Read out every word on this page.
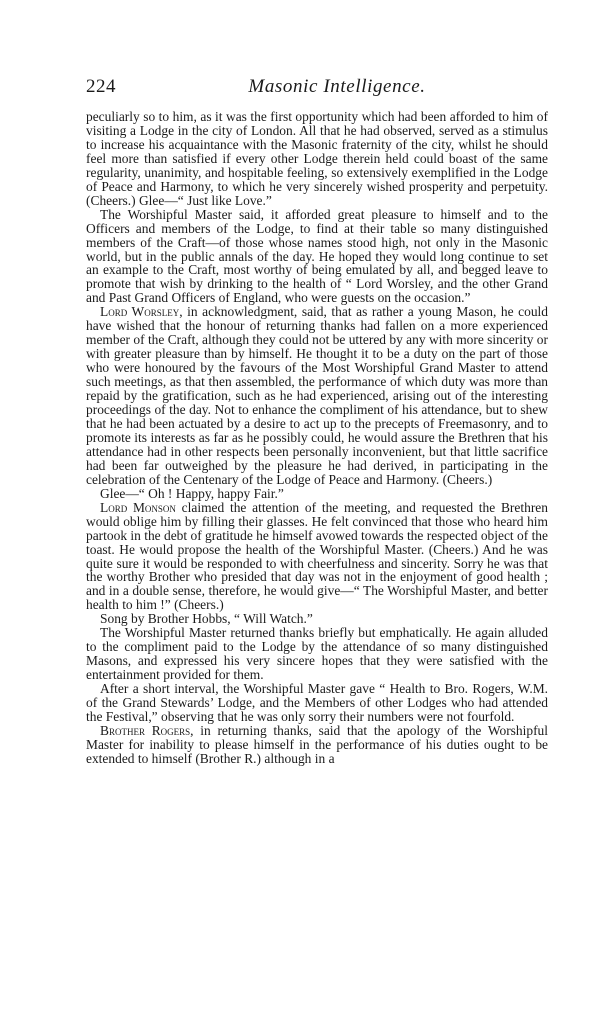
224	Masonic Intelligence.

peculiarly so to him, as it was the first opportunity which had been afforded to him of visiting a Lodge in the city of London. All that he had observed, served as a stimulus to increase his acquaintance with the Masonic fraternity of the city, whilst he should feel more than satisfied if every other Lodge therein held could boast of the same regularity, unanimity, and hospitable feeling, so extensively exemplified in the Lodge of Peace and Harmony, to which he very sincerely wished prosperity and perpetuity. (Cheers.) Glee—“ Just like Love.”

The Worshipful Master said, it afforded great pleasure to himself and to the Officers and members of the Lodge, to find at their table so many distinguished members of the Craft—of those whose names stood high, not only in the Masonic world, but in the public annals of the day. He hoped they would long continue to set an example to the Craft, most worthy of being emulated by all, and begged leave to promote that wish by drinking to the health of “ Lord Worsley, and the other Grand and Past Grand Officers of England, who were guests on the occasion.”

Lord Worsley, in acknowledgment, said, that as rather a young Mason, he could have wished that the honour of returning thanks had fallen on a more experienced member of the Craft, although they could not be uttered by any with more sincerity or with greater pleasure than by himself. He thought it to be a duty on the part of those who were honoured by the favours of the Most Worshipful Grand Master to attend such meetings, as that then assembled, the performance of which duty was more than repaid by the gratification, such as he had experienced, arising out of the interesting proceedings of the day. Not to enhance the compliment of his attendance, but to shew that he had been actuated by a desire to act up to the precepts of Freemasonry, and to promote its interests as far as he possibly could, he would assure the Brethren that his attendance had in other respects been personally inconvenient, but that little sacrifice had been far outweighed by the pleasure he had derived, in participating in the celebration of the Centenary of the Lodge of Peace and Harmony. (Cheers.)

Glee—“ Oh ! Happy, happy Fair.”

Lord Monson claimed the attention of the meeting, and requested the Brethren would oblige him by filling their glasses. He felt convinced that those who heard him partook in the debt of gratitude he himself avowed towards the respected object of the toast. He would propose the health of the Worshipful Master. (Cheers.) And he was quite sure it would be responded to with cheerfulness and sincerity. Sorry he was that the worthy Brother who presided that day was not in the enjoyment of good health ; and in a double sense, therefore, he would give—“ The Worshipful Master, and better health to him !” (Cheers.)

Song by Brother Hobbs, “ Will Watch.”

The Worshipful Master returned thanks briefly but emphatically. He again alluded to the compliment paid to the Lodge by the attendance of so many distinguished Masons, and expressed his very sincere hopes that they were satisfied with the entertainment provided for them.

After a short interval, the Worshipful Master gave “ Health to Bro. Rogers, W.M. of the Grand Stewards’ Lodge, and the Members of other Lodges who had attended the Festival,” observing that he was only sorry their numbers were not fourfold.

Brother Rogers, in returning thanks, said that the apology of the Worshipful Master for inability to please himself in the performance of his duties ought to be extended to himself (Brother R.) although in a
